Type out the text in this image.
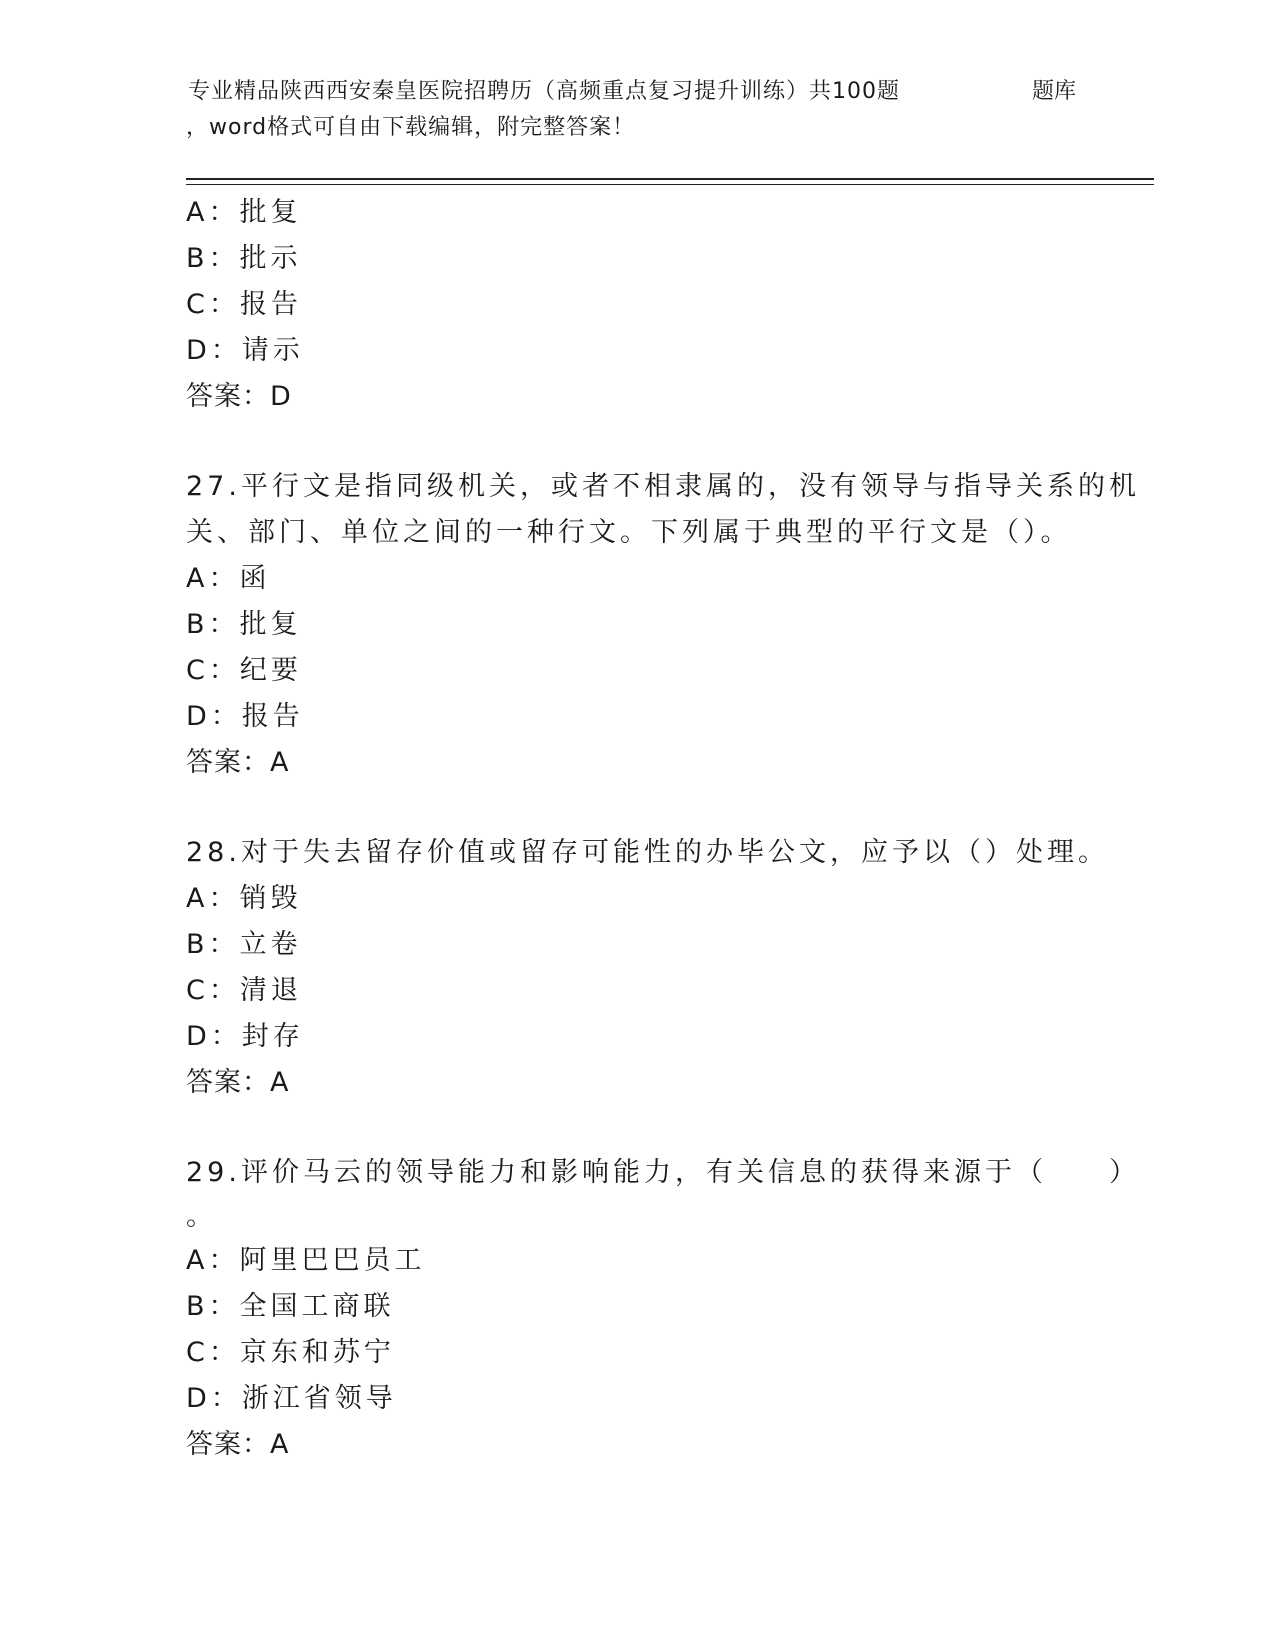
专业精品陕西西安秦皇医院招聘历（高频重点复习提升训练）共100题	题库
，word格式可自由下载编辑，附完整答案！
A：批复
B：批示
C：报告
D：请示
答案：D
27.平行文是指同级机关，或者不相隶属的，没有领导与指导关系的机
关、部门、单位之间的一种行文。下列属于典型的平行文是（）。
A：函
B：批复
C：纪要
D：报告
答案：A
28.对于失去留存价值或留存可能性的办毕公文，应予以（）处理。
A：销毁
B：立卷
C：清退
D：封存
答案：A
29.评价马云的领导能力和影响能力，有关信息的获得来源于（　　）
。
A：阿里巴巴员工
B：全国工商联
C：京东和苏宁
D：浙江省领导
答案：A
